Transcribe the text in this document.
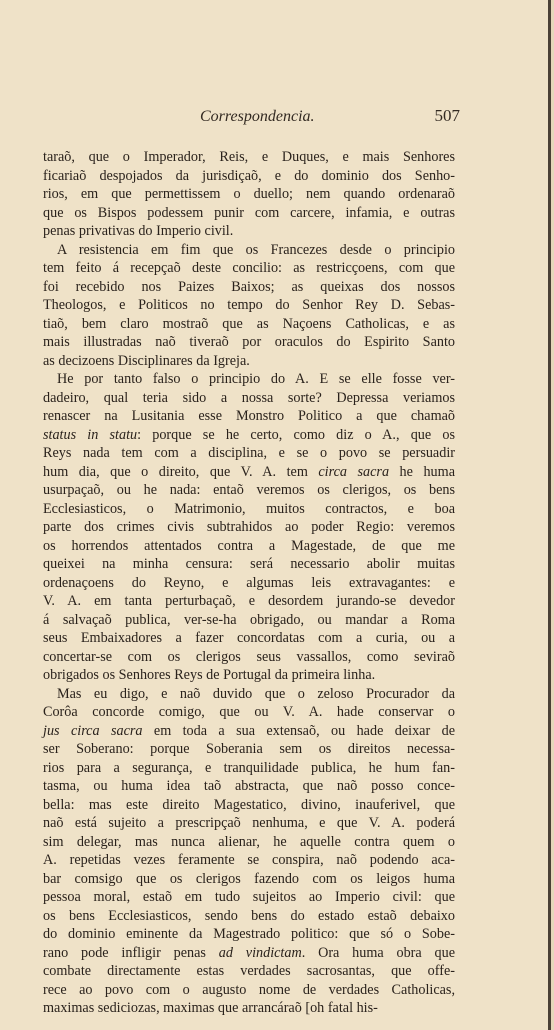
Correspondencia.	507
taraõ, que o Imperador, Reis, e Duques, e mais Senhores
ficariaõ despojados da jurisdiçaõ, e do dominio dos Senho-
rios, em que permettissem o duello; nem quando ordenaraõ
que os Bispos podessem punir com carcere, infamia, e outras
penas privativas do Imperio civil.
A resistencia em fim que os Francezes desde o principio
tem feito á recepçaõ deste concilio: as restricçoens, com que
foi recebido nos Paizes Baixos; as queixas dos nossos
Theologos, e Politicos no tempo do Senhor Rey D. Sebas-
tiaõ, bem claro mostraõ que as Naçoens Catholicas, e as
mais illustradas naõ tiveraõ por oraculos do Espirito Santo
as decizoens Disciplinares da Igreja.
He por tanto falso o principio do A. E se elle fosse ver-
dadeiro, qual teria sido a nossa sorte? Depressa veriamos
renascer na Lusitania esse Monstro Politico a que chamaõ
status in statu: porque se he certo, como diz o A., que os
Reys nada tem com a disciplina, e se o povo se persuadir
hum dia, que o direito, que V. A. tem circa sacra he huma
usurpaçaõ, ou he nada: entaõ veremos os clerigos, os bens
Ecclesiasticos, o Matrimonio, muitos contractos, e boa
parte dos crimes civis subtrahidos ao poder Regio: veremos
os horrendos attentados contra a Magestade, de que me
queixei na minha censura: será necessario abolir muitas
ordenaçoens do Reyno, e algumas leis extravagantes: e
V. A. em tanta perturbaçaõ, e desordem jurando-se devedor
á salvaçaõ publica, ver-se-ha obrigado, ou mandar a Roma
seus Embaixadores a fazer concordatas com a curia, ou a
concertar-se com os clerigos seus vassallos, como seviraõ
obrigados os Senhores Reys de Portugal da primeira linha.
Mas eu digo, e naõ duvido que o zeloso Procurador da
Corôa concorde comigo, que ou V. A. hade conservar o
jus circa sacra em toda a sua extensaõ, ou hade deixar de
ser Soberano: porque Soberania sem os direitos necessa-
rios para a segurança, e tranquilidade publica, he hum fan-
tasma, ou huma idea taõ abstracta, que naõ posso conce-
bella: mas este direito Magestatico, divino, inauferivel, que
naõ está sujeito a prescripçaõ nenhuma, e que V. A. poderá
sim delegar, mas nunca alienar, he aquelle contra quem o
A. repetidas vezes feramente se conspira, naõ podendo aca-
bar comsigo que os clerigos fazendo com os leigos huma
pessoa moral, estaõ em tudo sujeitos ao Imperio civil: que
os bens Ecclesiasticos, sendo bens do estado estaõ debaixo
do dominio eminente da Magestrado politico: que só o Sobe-
rano pode infligir penas ad vindictam. Ora huma obra que
combate directamente estas verdades sacrosantas, que offe-
rece ao povo com o augusto nome de verdades Catholicas,
maximas sediciozas, maximas que arrancáraõ [oh fatal his-
